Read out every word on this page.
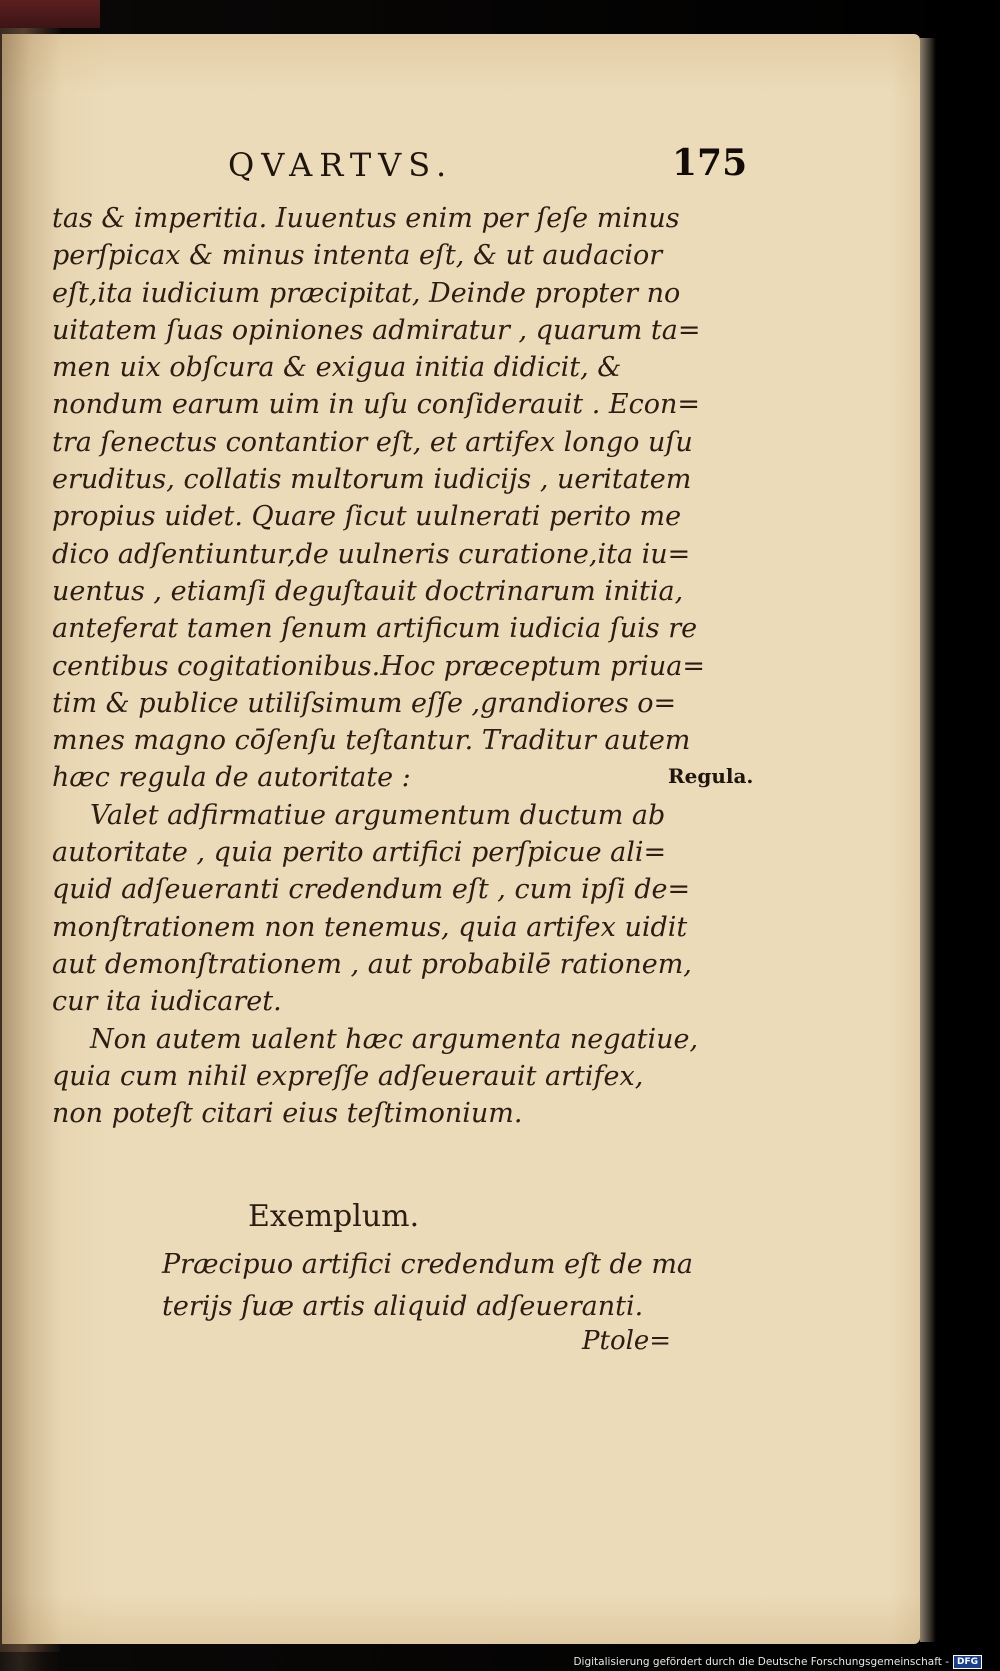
QVARTVS.	175
tas & imperitia. Iuuentus enim per ſeſe minus
perſpicax & minus intenta eſt, & ut audacior
eſt,ita iudicium præcipitat, Deinde propter no
uitatem ſuas opiniones admiratur , quarum ta=
men uix obſcura & exigua initia didicit, &
nondum earum uim in uſu conſiderauit . Econ=
tra ſenectus contantior eſt, et artifex longo uſu
eruditus, collatis multorum iudicijs , ueritatem
propius uidet. Quare ſicut uulnerati perito me
dico adſentiuntur,de uulneris curatione,ita iu=
uentus , etiamſi deguſtauit doctrinarum initia,
anteferat tamen ſenum artificum iudicia ſuis re
centibus cogitationibus.Hoc præceptum priua=
tim & publice utiliſsimum eſſe ,grandiores o=
mnes magno cōſenſu teſtantur. Traditur autem
hæc regula de autoritate :
Valet adfirmatiue argumentum ductum ab
autoritate , quia perito artifici perſpicue ali=
quid adſeueranti credendum eſt , cum ipſi de=
monſtrationem non tenemus, quia artifex uidit
aut demonſtrationem , aut probabilē rationem,
cur ita iudicaret.
Non autem ualent hæc argumenta negatiue,
quia cum nihil expreſſe adſeuerauit artifex,
non poteſt citari eius teſtimonium.
Exemplum.
Præcipuo artifici credendum eſt de ma
terijs ſuæ artis aliquid adſeueranti.
Ptole=
Regula.
Digitalisierung gefördert durch die Deutsche Forschungsgemeinschaft - DFG
